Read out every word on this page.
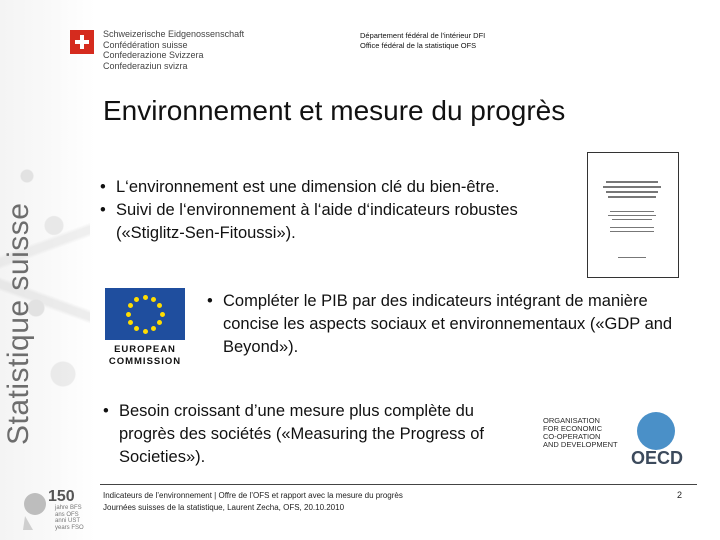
Statistique suisse
Schweizerische Eidgenossenschaft
Confédération suisse
Confederazione Svizzera
Confederaziun svizra
Département fédéral de l'intérieur DFI
Office fédéral de la statistique OFS
Environnement et mesure du progrès
• L‘environnement est une dimension clé du bien-être.
• Suivi de l‘environnement à l‘aide d‘indicateurs robustes («Stiglitz-Sen-Fitoussi»).
EUROPEAN
COMMISSION
• Compléter le PIB par des indicateurs intégrant de manière concise les aspects sociaux et environnementaux («GDP and Beyond»).
• Besoin croissant d’une mesure plus complète du progrès des sociétés («Measuring the Progress of Societies»).
ORGANISATION
FOR ECONOMIC
CO-OPERATION
AND DEVELOPMENT
OECD
Indicateurs de l’environnement | Offre de l’OFS et rapport avec la mesure du progrès
Journées suisses de la statistique, Laurent Zecha, OFS, 20.10.2010
2
150
jahre BFS
ans OFS
anni UST
years FSO
